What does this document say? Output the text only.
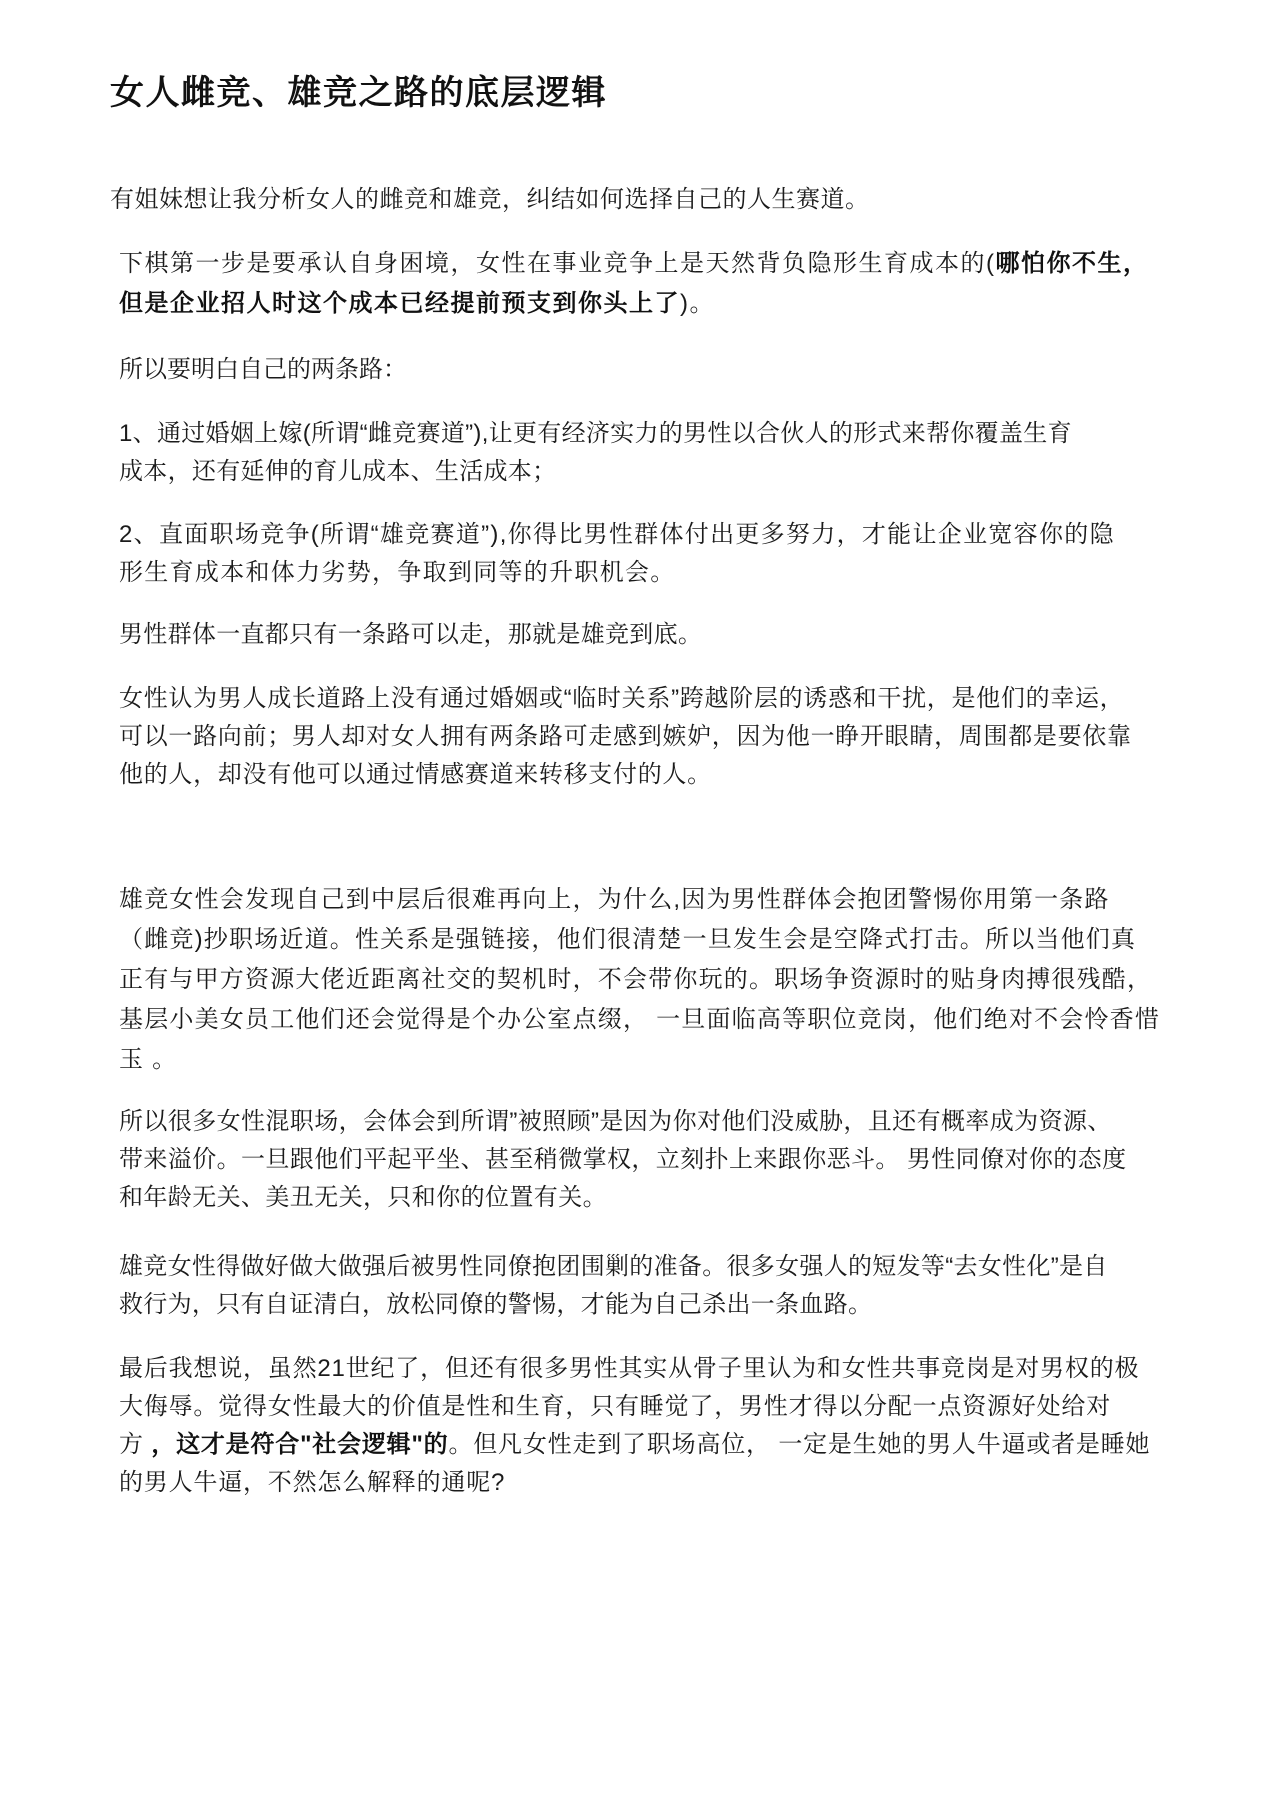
女人雌竞、雄竞之路的底层逻辑
有姐妹想让我分析女人的雌竞和雄竞，纠结如何选择自己的人生赛道。
下棋第一步是要承认自身困境，女性在事业竞争上是天然背负隐形生育成本的(哪怕你不生，
但是企业招人时这个成本已经提前预支到你头上了)。
所以要明白自己的两条路：
1、通过婚姻上嫁(所谓“雌竞赛道”),让更有经济实力的男性以合伙人的形式来帮你覆盖生育
成本，还有延伸的育儿成本、生活成本；
2、直面职场竞争(所谓“雄竞赛道”),你得比男性群体付出更多努力，才能让企业宽容你的隐
形生育成本和体力劣势，争取到同等的升职机会。
男性群体一直都只有一条路可以走，那就是雄竞到底。
女性认为男人成长道路上没有通过婚姻或“临时关系”跨越阶层的诱惑和干扰，是他们的幸运，
可以一路向前；男人却对女人拥有两条路可走感到嫉妒，因为他一睁开眼睛，周围都是要依靠
他的人，却没有他可以通过情感赛道来转移支付的人。
雄竞女性会发现自己到中层后很难再向上，为什么,因为男性群体会抱团警惕你用第一条路
（雌竞)抄职场近道。性关系是强链接，他们很清楚一旦发生会是空降式打击。所以当他们真
正有与甲方资源大佬近距离社交的契机时，不会带你玩的。职场争资源时的贴身肉搏很残酷，
基层小美女员工他们还会觉得是个办公室点缀， 一旦面临高等职位竞岗，他们绝对不会怜香惜
玉 。
所以很多女性混职场，会体会到所谓”被照顾”是因为你对他们没威胁，且还有概率成为资源、
带来溢价。一旦跟他们平起平坐、甚至稍微掌权，立刻扑上来跟你恶斗。 男性同僚对你的态度
和年龄无关、美丑无关，只和你的位置有关。
雄竞女性得做好做大做强后被男性同僚抱团围剿的准备。很多女强人的短发等“去女性化”是自
救行为，只有自证清白，放松同僚的警惕，才能为自己杀出一条血路。
最后我想说，虽然21世纪了，但还有很多男性其实从骨子里认为和女性共事竞岗是对男权的极
大侮辱。觉得女性最大的价值是性和生育，只有睡觉了，男性才得以分配一点资源好处给对
方 ，这才是符合"社会逻辑"的。但凡女性走到了职场高位， 一定是生她的男人牛逼或者是睡她
的男人牛逼，不然怎么解释的通呢?
